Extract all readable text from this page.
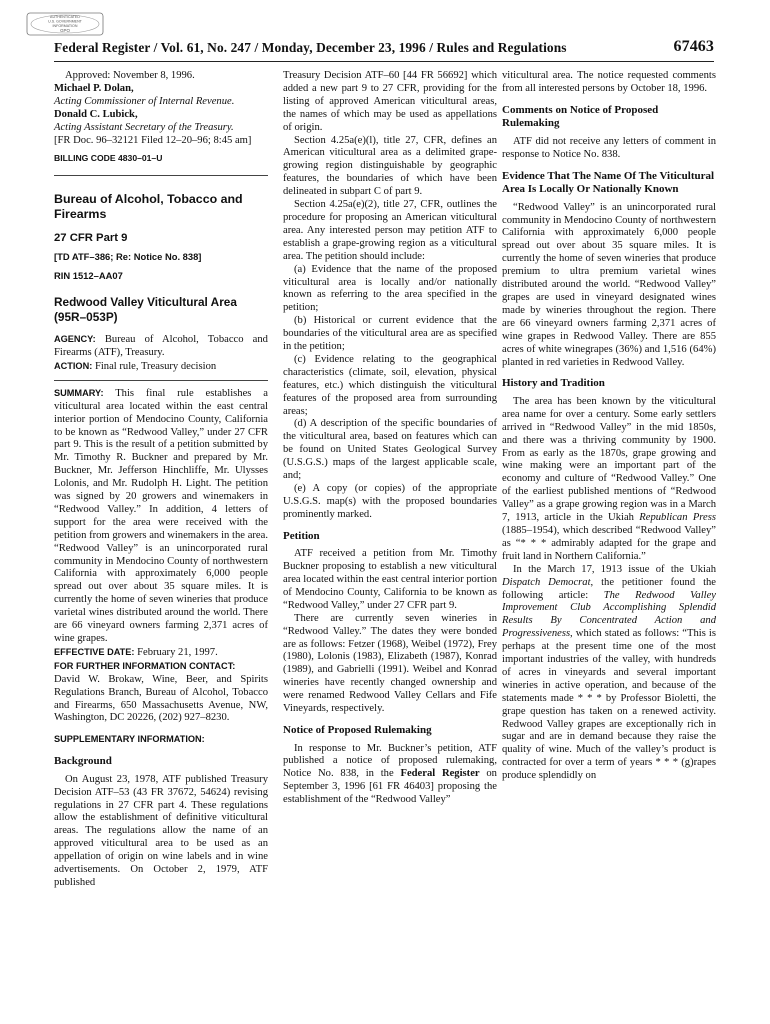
AUTHENTICATED
U.S. GOVERNMENT
INFORMATION
GPO
Federal Register / Vol. 61, No. 247 / Monday, December 23, 1996 / Rules and Regulations	67463

Approved: November 8, 1996.

Michael P. Dolan,

Acting Commissioner of Internal Revenue.

Donald C. Lubick,

Acting Assistant Secretary of the Treasury.

[FR Doc. 96–32121 Filed 12–20–96; 8:45 am]

BILLING CODE 4830–01–U

Bureau of Alcohol, Tobacco and Firearms

27 CFR Part 9

[TD ATF–386; Re: Notice No. 838]

RIN 1512–AA07

Redwood Valley Viticultural Area (95R–053P)

AGENCY: Bureau of Alcohol, Tobacco and Firearms (ATF), Treasury.

ACTION: Final rule, Treasury decision

SUMMARY: This final rule establishes a viticultural area located within the east central interior portion of Mendocino County, California to be known as “Redwood Valley,” under 27 CFR part 9. This is the result of a petition submitted by Mr. Timothy R. Buckner and prepared by Mr. Buckner, Mr. Jefferson Hinchliffe, Mr. Ulysses Lolonis, and Mr. Rudolph H. Light. The petition was signed by 20 growers and winemakers in “Redwood Valley.” In addition, 4 letters of support for the area were received with the petition from growers and winemakers in the area. “Redwood Valley” is an unincorporated rural community in Mendocino County of northwestern California with approximately 6,000 people spread out over about 35 square miles. It is currently the home of seven wineries that produce varietal wines distributed around the world. There are 66 vineyard owners farming 2,371 acres of wine grapes.

EFFECTIVE DATE: February 21, 1997.

FOR FURTHER INFORMATION CONTACT:
David W. Brokaw, Wine, Beer, and Spirits Regulations Branch, Bureau of Alcohol, Tobacco and Firearms, 650 Massachusetts Avenue, NW, Washington, DC 20226, (202) 927–8230.

SUPPLEMENTARY INFORMATION:

Background

On August 23, 1978, ATF published Treasury Decision ATF–53 (43 FR 37672, 54624) revising regulations in 27 CFR part 4. These regulations allow the establishment of definitive viticultural areas. The regulations allow the name of an approved viticultural area to be used as an appellation of origin on wine labels and in wine advertisements. On October 2, 1979, ATF published

Treasury Decision ATF–60 [44 FR 56692] which added a new part 9 to 27 CFR, providing for the listing of approved American viticultural areas, the names of which may be used as appellations of origin.

Section 4.25a(e)(l), title 27, CFR, defines an American viticultural area as a delimited grape-growing region distinguishable by geographic features, the boundaries of which have been delineated in subpart C of part 9.

Section 4.25a(e)(2), title 27, CFR, outlines the procedure for proposing an American viticultural area. Any interested person may petition ATF to establish a grape-growing region as a viticultural area. The petition should include:

(a) Evidence that the name of the proposed viticultural area is locally and/or nationally known as referring to the area specified in the petition;

(b) Historical or current evidence that the boundaries of the viticultural area are as specified in the petition;

(c) Evidence relating to the geographical characteristics (climate, soil, elevation, physical features, etc.) which distinguish the viticultural features of the proposed area from surrounding areas;

(d) A description of the specific boundaries of the viticultural area, based on features which can be found on United States Geological Survey (U.S.G.S.) maps of the largest applicable scale, and;

(e) A copy (or copies) of the appropriate U.S.G.S. map(s) with the proposed boundaries prominently marked.

Petition

ATF received a petition from Mr. Timothy Buckner proposing to establish a new viticultural area located within the east central interior portion of Mendocino County, California to be known as “Redwood Valley,” under 27 CFR part 9.

There are currently seven wineries in “Redwood Valley.” The dates they were bonded are as follows: Fetzer (1968), Weibel (1972), Frey (1980), Lolonis (1983), Elizabeth (1987), Konrad (1989), and Gabrielli (1991). Weibel and Konrad wineries have recently changed ownership and were renamed Redwood Valley Cellars and Fife Vineyards, respectively.

Notice of Proposed Rulemaking

In response to Mr. Buckner’s petition, ATF published a notice of proposed rulemaking, Notice No. 838, in the Federal Register on September 3, 1996 [61 FR 46403] proposing the establishment of the “Redwood Valley”

viticultural area. The notice requested comments from all interested persons by October 18, 1996.

Comments on Notice of Proposed Rulemaking

ATF did not receive any letters of comment in response to Notice No. 838.

Evidence That The Name Of The Viticultural Area Is Locally Or Nationally Known

“Redwood Valley” is an unincorporated rural community in Mendocino County of northwestern California with approximately 6,000 people spread out over about 35 square miles. It is currently the home of seven wineries that produce premium to ultra premium varietal wines distributed around the world. “Redwood Valley” grapes are used in vineyard designated wines made by wineries throughout the region. There are 66 vineyard owners farming 2,371 acres of wine grapes in Redwood Valley. There are 855 acres of white winegrapes (36%) and 1,516 (64%) planted in red varieties in Redwood Valley.

History and Tradition

The area has been known by the viticultural area name for over a century. Some early settlers arrived in “Redwood Valley” in the mid 1850s, and there was a thriving community by 1900. From as early as the 1870s, grape growing and wine making were an important part of the economy and culture of “Redwood Valley.” One of the earliest published mentions of “Redwood Valley” as a grape growing region was in a March 7, 1913, article in the Ukiah Republican Press (1885–1954), which described “Redwood Valley” as “* * * admirably adapted for the grape and fruit land in Northern California.”

In the March 17, 1913 issue of the Ukiah Dispatch Democrat, the petitioner found the following article: The Redwood Valley Improvement Club Accomplishing Splendid Results By Concentrated Action and Progressiveness, which stated as follows: “This is perhaps at the present time one of the most important industries of the valley, with hundreds of acres in vineyards and several important wineries in active operation, and because of the statements made * * * by Professor Bioletti, the grape question has taken on a renewed activity. Redwood Valley grapes are exceptionally rich in sugar and are in demand because they raise the quality of wine. Much of the valley’s product is contracted for over a term of years * * * (g)rapes produce splendidly on
